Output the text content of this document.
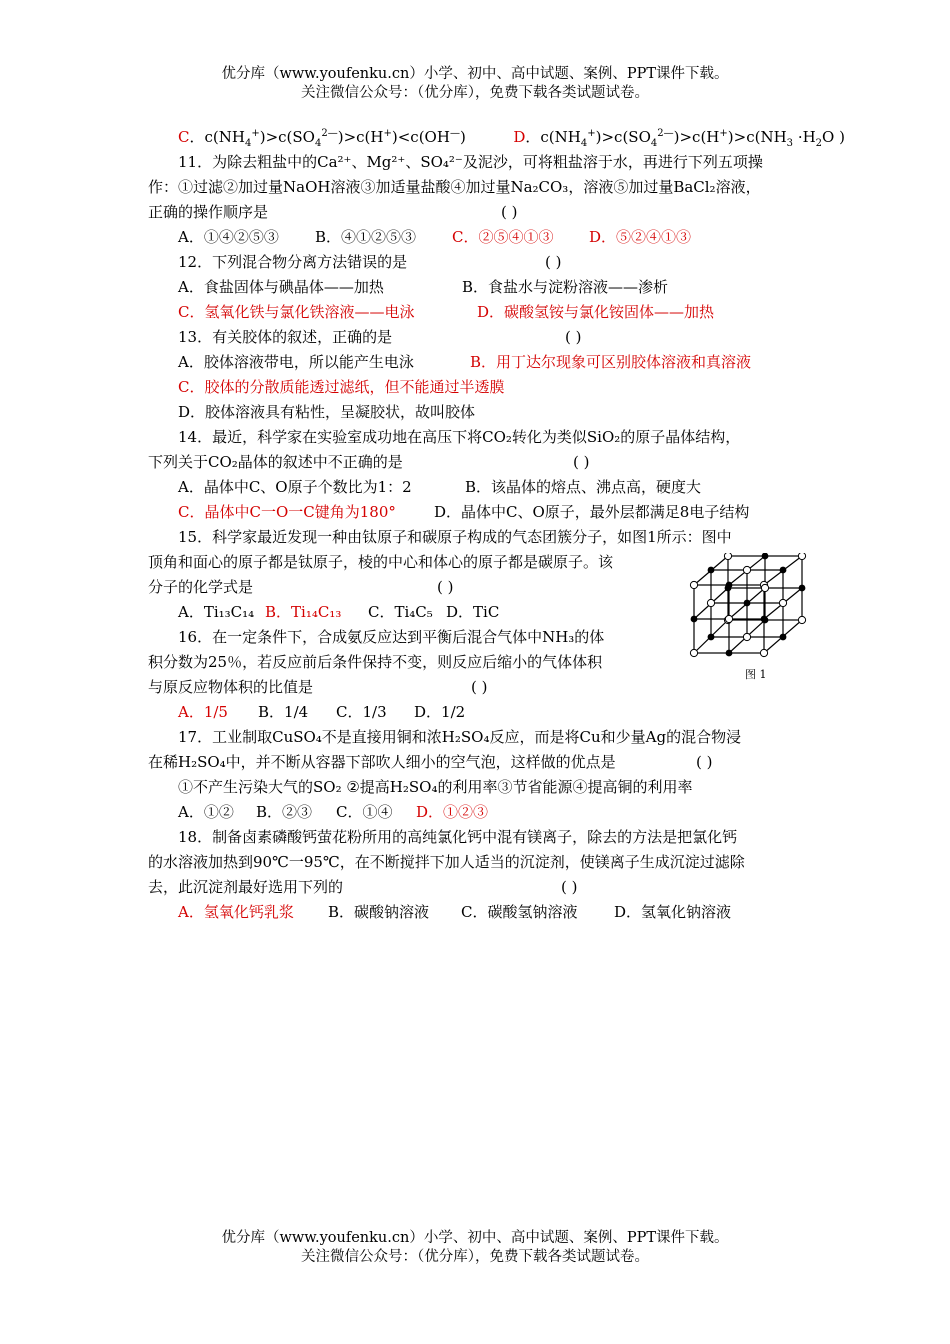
优分库（www.youfenku.cn）小学、初中、高中试题、案例、PPT课件下载。
关注微信公众号：（优分库），免费下载各类试题试卷。
C．$c(NH_4^+)>c(SO_4^{2—})>c(H^+)<c(OH^—)$	D．$c(NH_4^+)>c(SO_4^{2—})>c(H^+)>c(NH_3 \cdot H_2O$ )
11．为除去粗盐中的Ca²⁺、Mg²⁺、SO₄²⁻及泥沙，可将粗盐溶于水，再进行下列五项操
作：①过滤②加过量NaOH溶液③加适量盐酸④加过量Na₂CO₃，溶液⑤加过量BaCl₂溶液，
正确的操作顺序是	( )
A．①④②⑤③ B．④①②⑤③ C．②⑤④①③ D．⑤②④①③
12．下列混合物分离方法错误的是	( )
A．食盐固体与碘晶体——加热	B．食盐水与淀粉溶液——渗析
C．氢氧化铁与氯化铁溶液——电泳	D．碳酸氢铵与氯化铵固体——加热
13．有关胶体的叙述，正确的是	( )
A．胶体溶液带电，所以能产生电泳	B．用丁达尔现象可区别胶体溶液和真溶液
C．胶体的分散质能透过滤纸，但不能通过半透膜
D．胶体溶液具有粘性，呈凝胶状，故叫胶体
14．最近，科学家在实验室成功地在高压下将CO₂转化为类似SiO₂的原子晶体结构，
下列关于CO₂晶体的叙述中不正确的是	( )
A．晶体中C、O原子个数比为1：2	B．该晶体的熔点、沸点高，硬度大
C．晶体中C一O一C键角为180°	D．晶体中C、O原子，最外层都满足8电子结构
15．科学家最近发现一种由钛原子和碳原子构成的气态团簇分子，如图1所示：图中
顶角和面心的原子都是钛原子，棱的中心和体心的原子都是碳原子。该
分子的化学式是	( )
A．Ti₁₃C₁₄ B．Ti₁₄C₁₃ C．Ti₄C₅ D．TiC
图 1
16．在一定条件下，合成氨反应达到平衡后混合气体中NH₃的体
积分数为25％，若反应前后条件保持不变，则反应后缩小的气体体积
与原反应物体积的比值是	( )
A．1/5 B．1/4 C．1/3 D．1/2
17．工业制取CuSO₄不是直接用铜和浓H₂SO₄反应，而是将Cu和少量Ag的混合物浸
在稀H₂SO₄中，并不断从容器下部吹人细小的空气泡，这样做的优点是	( )
①不产生污染大气的SO₂ ②提高H₂SO₄的利用率③节省能源④提高铜的利用率
A．①② B．②③ C．①④ D．①②③
18．制备卤素磷酸钙萤花粉所用的高纯氯化钙中混有镁离子，除去的方法是把氯化钙
的水溶液加热到90℃一95℃，在不断搅拌下加人适当的沉淀剂，使镁离子生成沉淀过滤除
去，此沉淀剂最好选用下列的	( )
A．氢氧化钙乳浆 B．碳酸钠溶液 C．碳酸氢钠溶液 D．氢氧化钠溶液
优分库（www.youfenku.cn）小学、初中、高中试题、案例、PPT课件下载。
关注微信公众号：（优分库），免费下载各类试题试卷。
